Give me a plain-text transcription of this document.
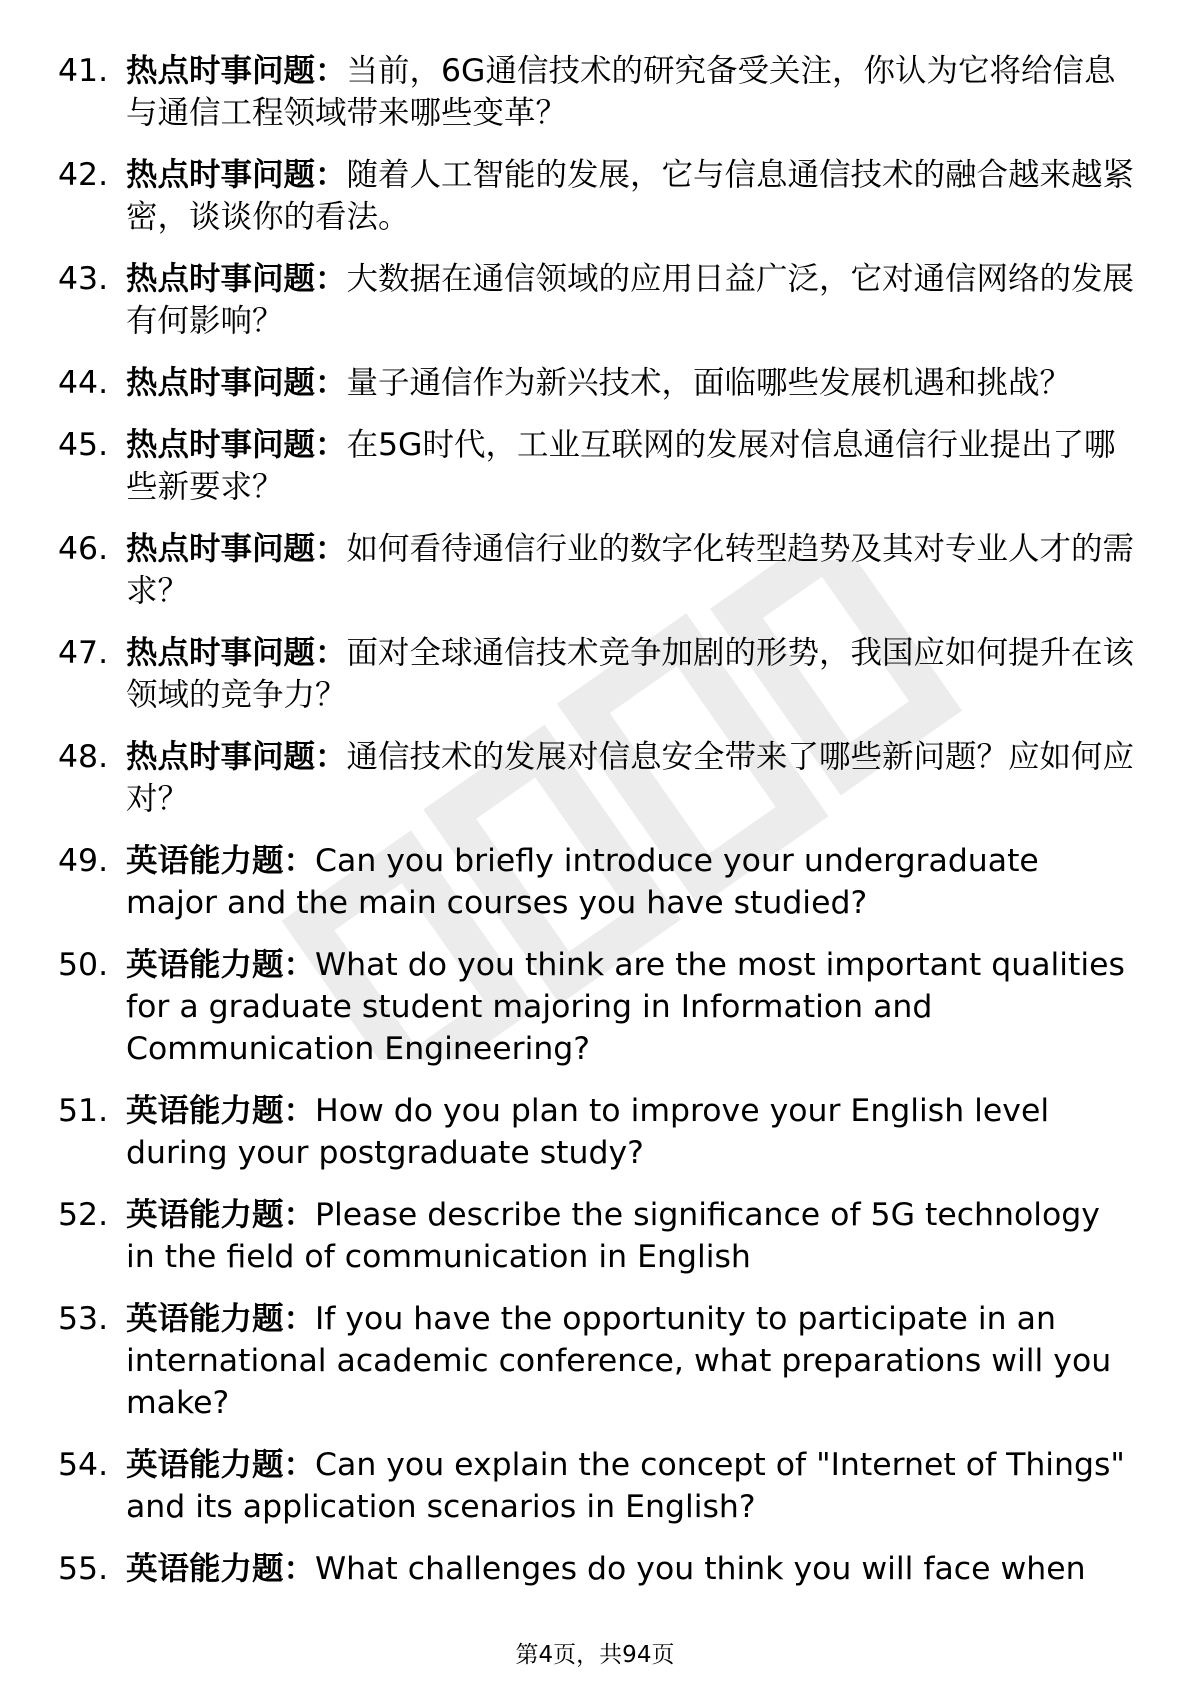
41. 热点时事问题：当前，6G通信技术的研究备受关注，你认为它将给信息与通信工程领域带来哪些变革？
42. 热点时事问题：随着人工智能的发展，它与信息通信技术的融合越来越紧密，谈谈你的看法。
43. 热点时事问题：大数据在通信领域的应用日益广泛，它对通信网络的发展有何影响？
44. 热点时事问题：量子通信作为新兴技术，面临哪些发展机遇和挑战？
45. 热点时事问题：在5G时代，工业互联网的发展对信息通信行业提出了哪些新要求？
46. 热点时事问题：如何看待通信行业的数字化转型趋势及其对专业人才的需求？
47. 热点时事问题：面对全球通信技术竞争加剧的形势，我国应如何提升在该领域的竞争力？
48. 热点时事问题：通信技术的发展对信息安全带来了哪些新问题？应如何应对？
49. 英语能力题：Can you briefly introduce your undergraduate major and the main courses you have studied?
50. 英语能力题：What do you think are the most important qualities for a graduate student majoring in Information and Communication Engineering?
51. 英语能力题：How do you plan to improve your English level during your postgraduate study?
52. 英语能力题：Please describe the significance of 5G technology in the field of communication in English
53. 英语能力题：If you have the opportunity to participate in an international academic conference, what preparations will you make?
54. 英语能力题：Can you explain the concept of "Internet of Things" and its application scenarios in English?
55. 英语能力题：What challenges do you think you will face when
第4页，共94页
